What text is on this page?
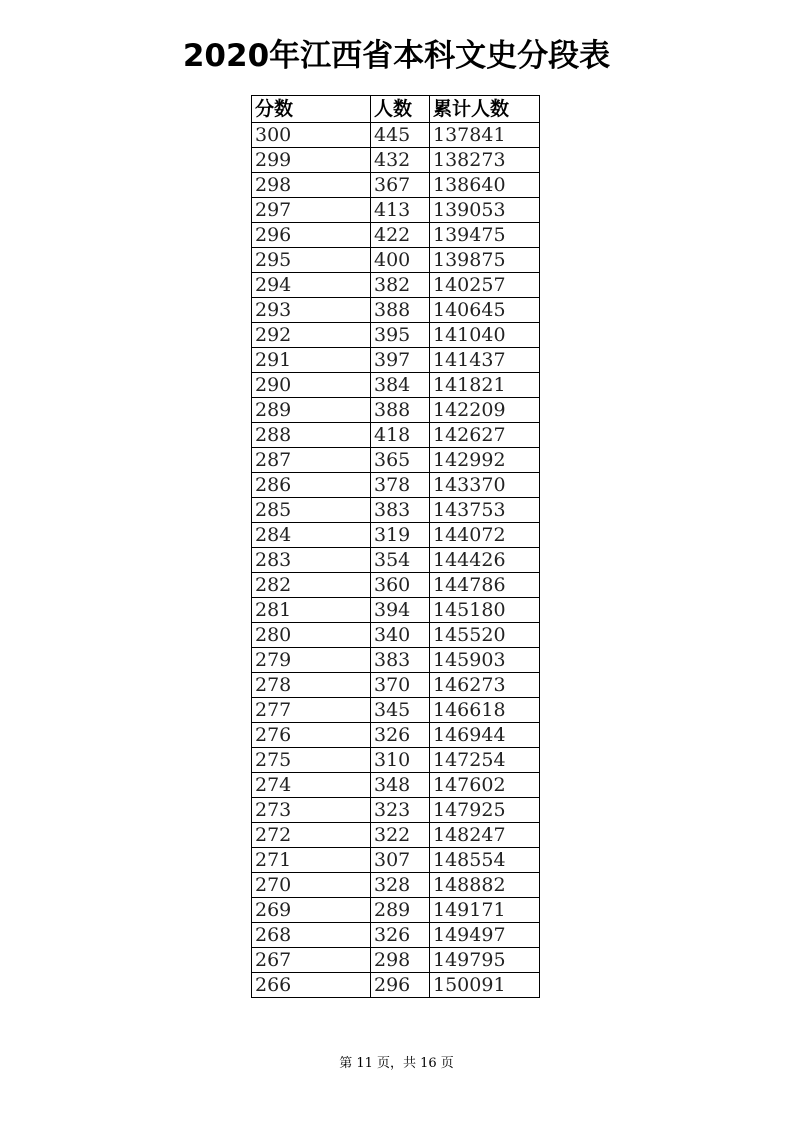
2020年江西省本科文史分段表
分数	人数	累计人数
300	445	137841
299	432	138273
298	367	138640
297	413	139053
296	422	139475
295	400	139875
294	382	140257
293	388	140645
292	395	141040
291	397	141437
290	384	141821
289	388	142209
288	418	142627
287	365	142992
286	378	143370
285	383	143753
284	319	144072
283	354	144426
282	360	144786
281	394	145180
280	340	145520
279	383	145903
278	370	146273
277	345	146618
276	326	146944
275	310	147254
274	348	147602
273	323	147925
272	322	148247
271	307	148554
270	328	148882
269	289	149171
268	326	149497
267	298	149795
266	296	150091
第 11 页，共 16 页
